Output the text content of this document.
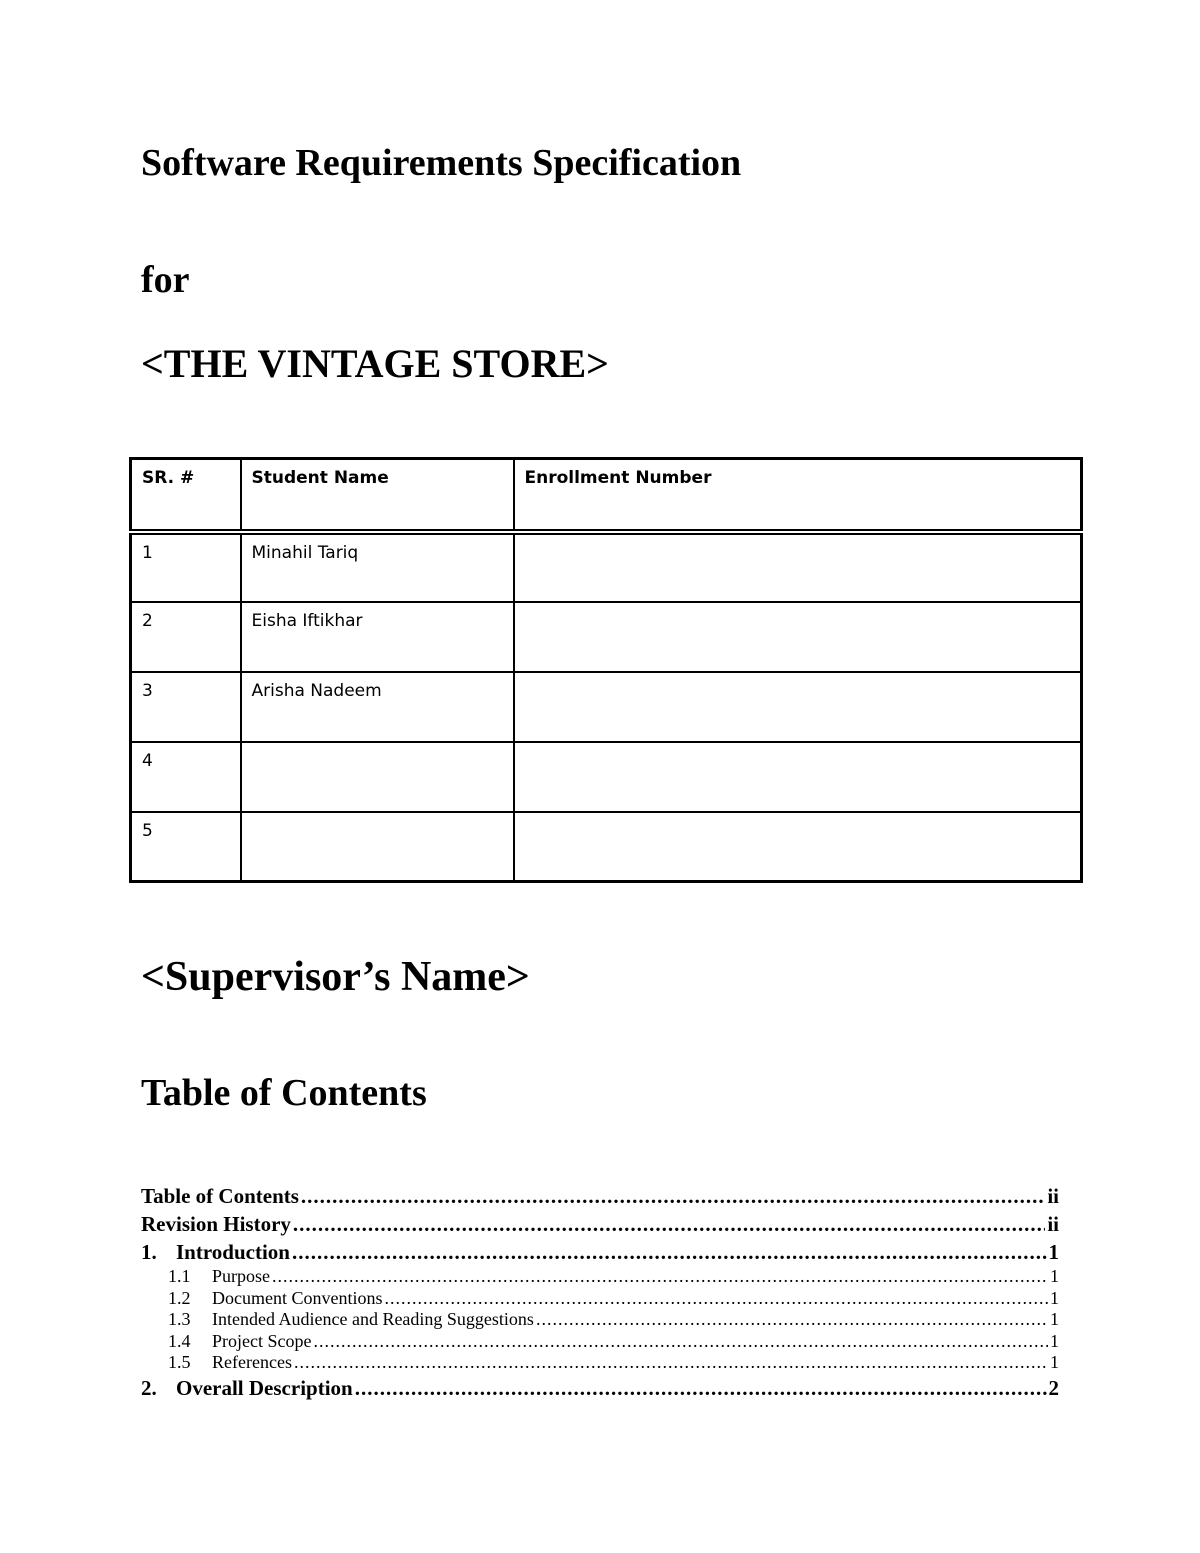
Software Requirements Specification
for
<THE VINTAGE STORE>
SR. #	Student Name	Enrollment Number
1	Minahil Tariq	
2	Eisha Iftikhar	
3	Arisha Nadeem	
4		
5		
<Supervisor’s Name>
Table of Contents
Table of Contents .....	ii
Revision History .....	ii
1. Introduction .....	1
1.1	Purpose .....	1
1.2	Document Conventions .....	1
1.3	Intended Audience and Reading Suggestions .....	1
1.4	Project Scope .....	1
1.5	References .....	1
2. Overall Description .....	2
